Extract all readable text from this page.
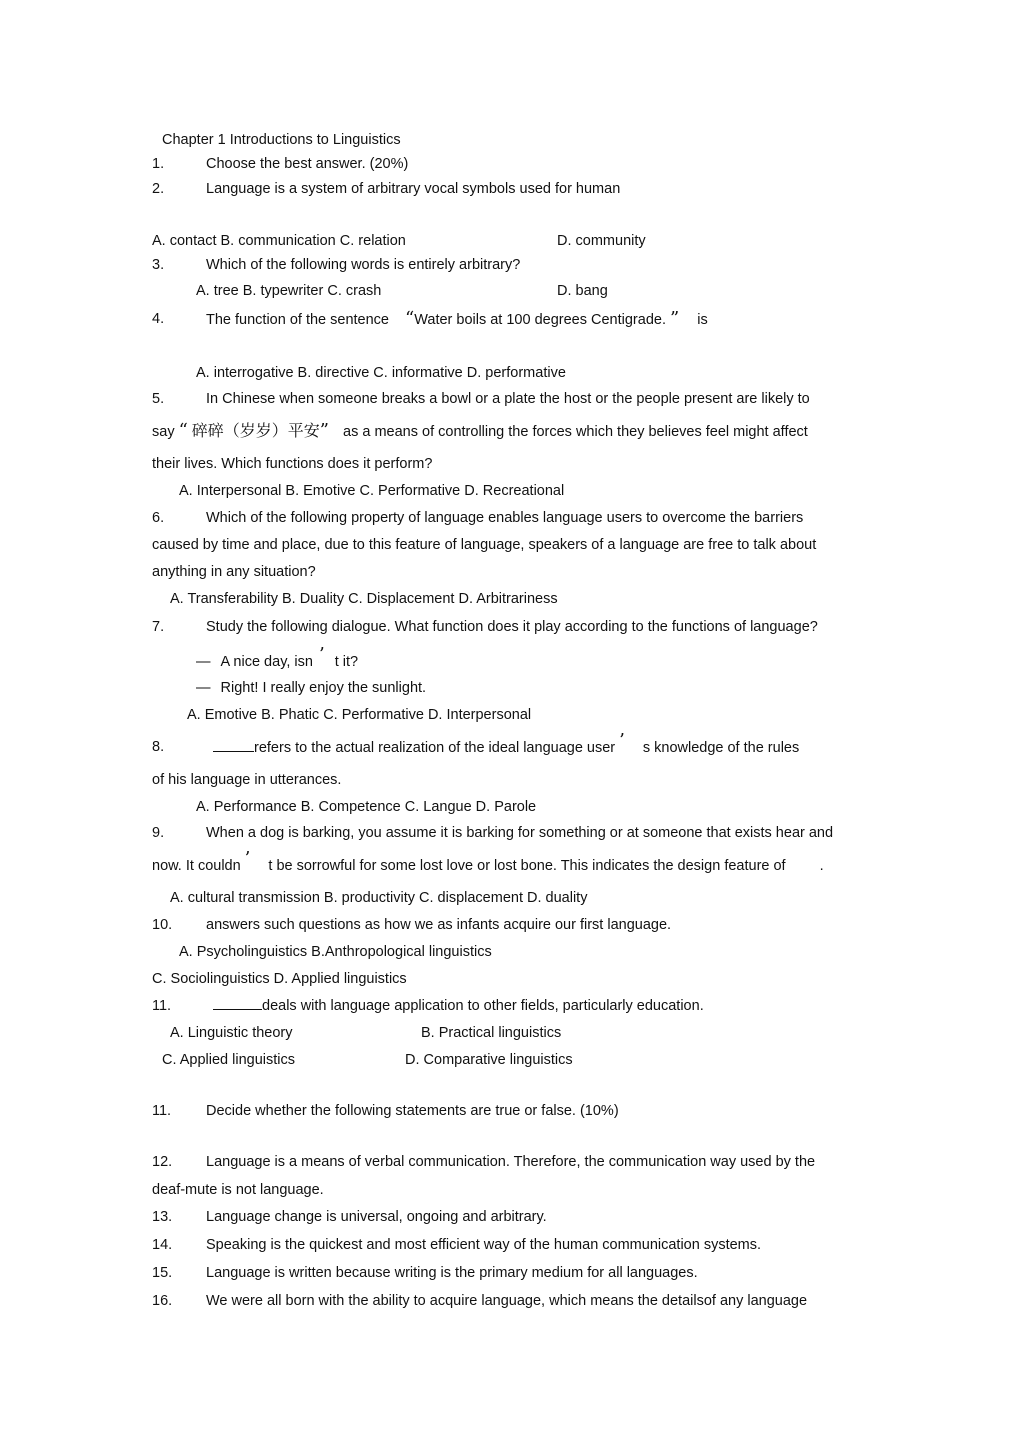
Chapter 1 Introductions to Linguistics
1.	Choose the best answer. (20%)
2.	Language is a system of arbitrary vocal symbols used for human
A. contact B. communication C. relation	D. community
3.	Which of the following words is entirely arbitrary?
A. tree B. typewriter C. crash	D. bang
4.	The function of the sentence “Water boils at 100 degrees Centigrade. ” is
A. interrogative B. directive C. informative D. performative
5.	In Chinese when someone breaks a bowl or a plate the host or the people present are likely to
say “ 碎碎（岁岁）平安” as a means of controlling the forces which they believes feel might affect
their lives. Which functions does it perform?
A. Interpersonal B. Emotive C. Performative D. Recreational
6.	Which of the following property of language enables language users to overcome the barriers
caused by time and place, due to this feature of language, speakers of a language are free to talk about
anything in any situation?
A. Transferability B. Duality C. Displacement D. Arbitrariness
7.	Study the following dialogue. What function does it play according to the functions of language?
— A nice day, isn ’ t it?
— Right! I really enjoy the sunlight.
A. Emotive B. Phatic C. Performative D. Interpersonal
8.	refers to the actual realization of the ideal language user ’ s knowledge of the rules
of his language in utterances.
A. Performance B. Competence C. Langue D. Parole
9.	When a dog is barking, you assume it is barking for something or at someone that exists hear and
now. It couldn ’ t be sorrowful for some lost love or lost bone. This indicates the design feature of .
A. cultural transmission B. productivity C. displacement D. duality
10. answers such questions as how we as infants acquire our first language.
A. Psycholinguistics B.Anthropological linguistics
C. Sociolinguistics D. Applied linguistics
11.	deals with language application to other fields, particularly education.
A. Linguistic theory	B. Practical linguistics
C. Applied linguistics	D. Comparative linguistics
11. Decide whether the following statements are true or false. (10%)
12. Language is a means of verbal communication. Therefore, the communication way used by the
deaf-mute is not language.
13. Language change is universal, ongoing and arbitrary.
14. Speaking is the quickest and most efficient way of the human communication systems.
15. Language is written because writing is the primary medium for all languages.
16. We were all born with the ability to acquire language, which means the detailsof any language
